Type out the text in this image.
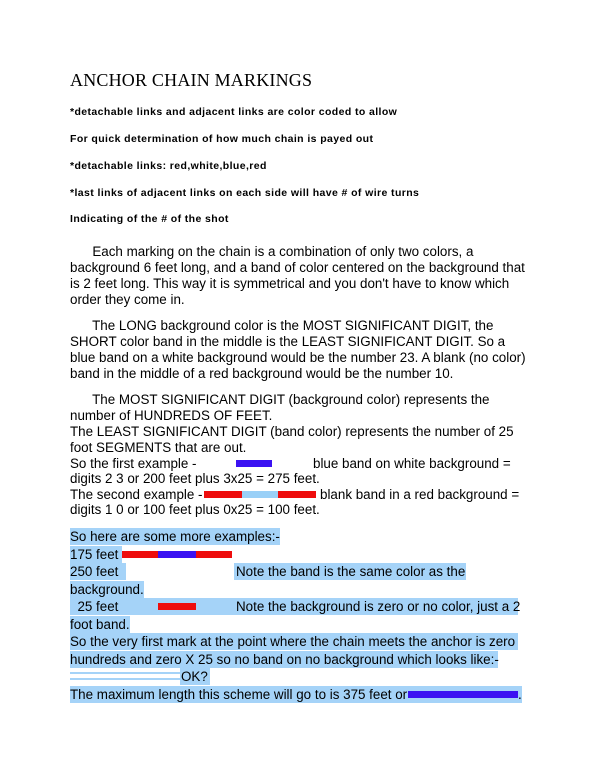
ANCHOR CHAIN MARKINGS
*detachable links and adjacent links are color coded to allow
For quick determination of how much chain is payed out
*detachable links: red,white,blue,red
*last links of adjacent links on each side will have # of wire turns
Indicating of the # of the shot
Each marking on the chain is a combination of only two colors, a
background 6 feet long, and a band of color centered on the background that
is 2 feet long. This way it is symmetrical and you don't have to know which
order they come in.
The LONG background color is the MOST SIGNIFICANT DIGIT, the
SHORT color band in the middle is the LEAST SIGNIFICANT DIGIT. So a
blue band on a white background would be the number 23. A blank (no color)
band in the middle of a red background would be the number 10.
The MOST SIGNIFICANT DIGIT (background color) represents the
number of HUNDREDS OF FEET.
The LEAST SIGNIFICANT DIGIT (band color) represents the number of 25
foot SEGMENTS that are out.
So the first example -	blue band on white background =
digits 2 3 or 200 feet plus 3x25 = 275 feet.
The second example -	blank band in a red background =
digits 1 0 or 100 feet plus 0x25 = 100 feet.
So here are some more examples:-
175 feet
250 feet	Note the band is the same color as the
background.
25 feet	Note the background is zero or no color, just a 2
foot band.
So the very first mark at the point where the chain meets the anchor is zero
hundreds and zero X 25 so no band on no background which looks like:-
OK?
The maximum length this scheme will go to is 375 feet or	.
